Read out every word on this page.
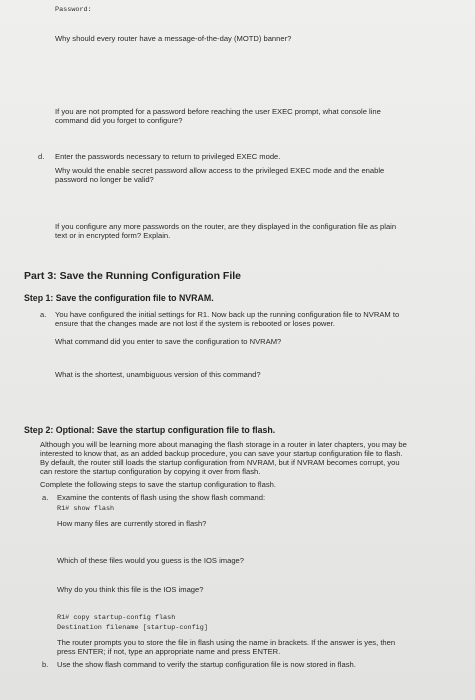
Password:
Why should every router have a message-of-the-day (MOTD) banner?
If you are not prompted for a password before reaching the user EXEC prompt, what console line
command did you forget to configure?
d. Enter the passwords necessary to return to privileged EXEC mode.
Why would the enable secret password allow access to the privileged EXEC mode and the enable
password no longer be valid?
If you configure any more passwords on the router, are they displayed in the configuration file as plain
text or in encrypted form? Explain.
Part 3: Save the Running Configuration File
Step 1: Save the configuration file to NVRAM.
a. You have configured the initial settings for R1. Now back up the running configuration file to NVRAM to
ensure that the changes made are not lost if the system is rebooted or loses power.
What command did you enter to save the configuration to NVRAM?
What is the shortest, unambiguous version of this command?
Step 2: Optional: Save the startup configuration file to flash.
Although you will be learning more about managing the flash storage in a router in later chapters, you may be
interested to know that, as an added backup procedure, you can save your startup configuration file to flash.
By default, the router still loads the startup configuration from NVRAM, but if NVRAM becomes corrupt, you
can restore the startup configuration by copying it over from flash.
Complete the following steps to save the startup configuration to flash.
a. Examine the contents of flash using the show flash command:
R1# show flash
How many files are currently stored in flash?
Which of these files would you guess is the IOS image?
Why do you think this file is the IOS image?
R1# copy startup-config flash
Destination filename [startup-config]
The router prompts you to store the file in flash using the name in brackets. If the answer is yes, then
press ENTER; if not, type an appropriate name and press ENTER.
b. Use the show flash command to verify the startup configuration file is now stored in flash.
